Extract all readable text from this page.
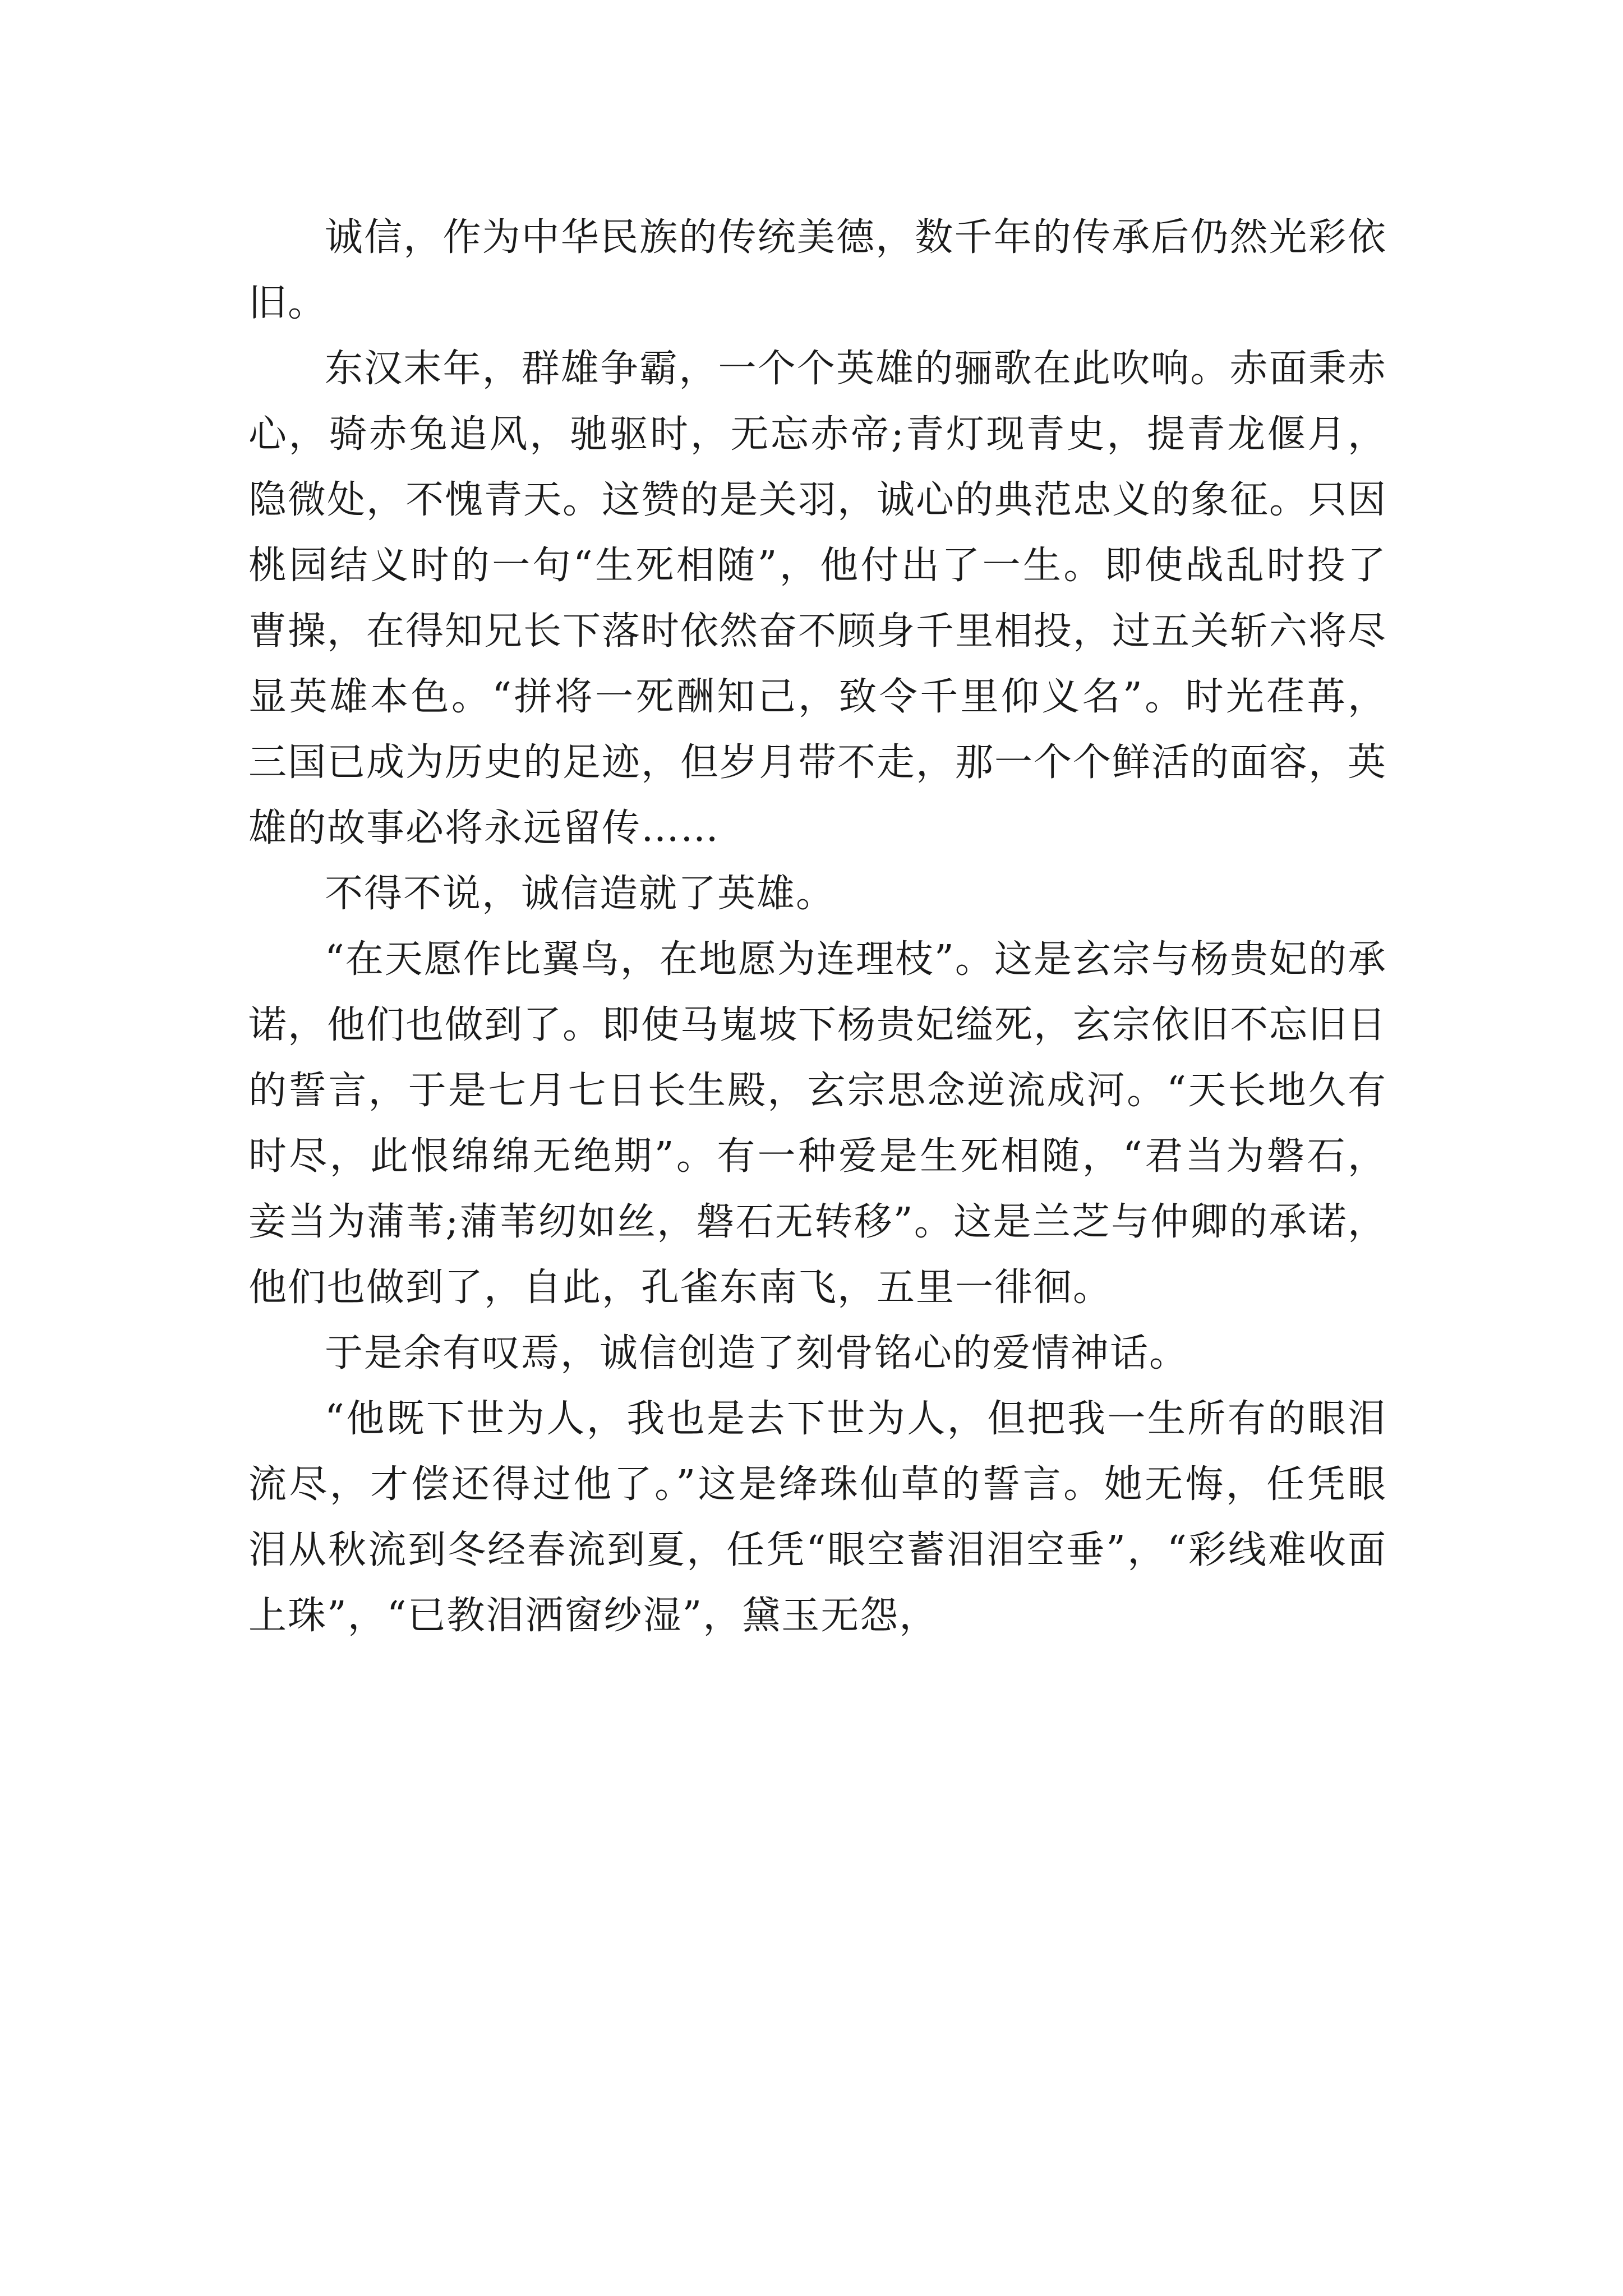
诚信，作为中华民族的传统美德，数千年的传承后仍然光彩依旧。

东汉末年，群雄争霸，一个个英雄的骊歌在此吹响。赤面秉赤心，骑赤兔追风，驰驱时，无忘赤帝;青灯现青史，提青龙偃月，隐微处，不愧青天。这赞的是关羽，诚心的典范忠义的象征。只因桃园结义时的一句“生死相随”，他付出了一生。即使战乱时投了曹操，在得知兄长下落时依然奋不顾身千里相投，过五关斩六将尽显英雄本色。“拼将一死酬知己，致令千里仰义名”。时光荏苒，三国已成为历史的足迹，但岁月带不走，那一个个鲜活的面容，英雄的故事必将永远留传……

不得不说，诚信造就了英雄。

“在天愿作比翼鸟，在地愿为连理枝”。这是玄宗与杨贵妃的承诺，他们也做到了。即使马嵬坡下杨贵妃缢死，玄宗依旧不忘旧日的誓言，于是七月七日长生殿，玄宗思念逆流成河。“天长地久有时尽，此恨绵绵无绝期”。有一种爱是生死相随，“君当为磐石，妾当为蒲苇;蒲苇纫如丝，磐石无转移”。这是兰芝与仲卿的承诺，他们也做到了，自此，孔雀东南飞，五里一徘徊。

于是余有叹焉，诚信创造了刻骨铭心的爱情神话。

“他既下世为人，我也是去下世为人，但把我一生所有的眼泪流尽，才偿还得过他了。”这是绛珠仙草的誓言。她无悔，任凭眼泪从秋流到冬经春流到夏，任凭“眼空蓄泪泪空垂”，“彩线难收面上珠”，“已教泪洒窗纱湿”，黛玉无怨，
